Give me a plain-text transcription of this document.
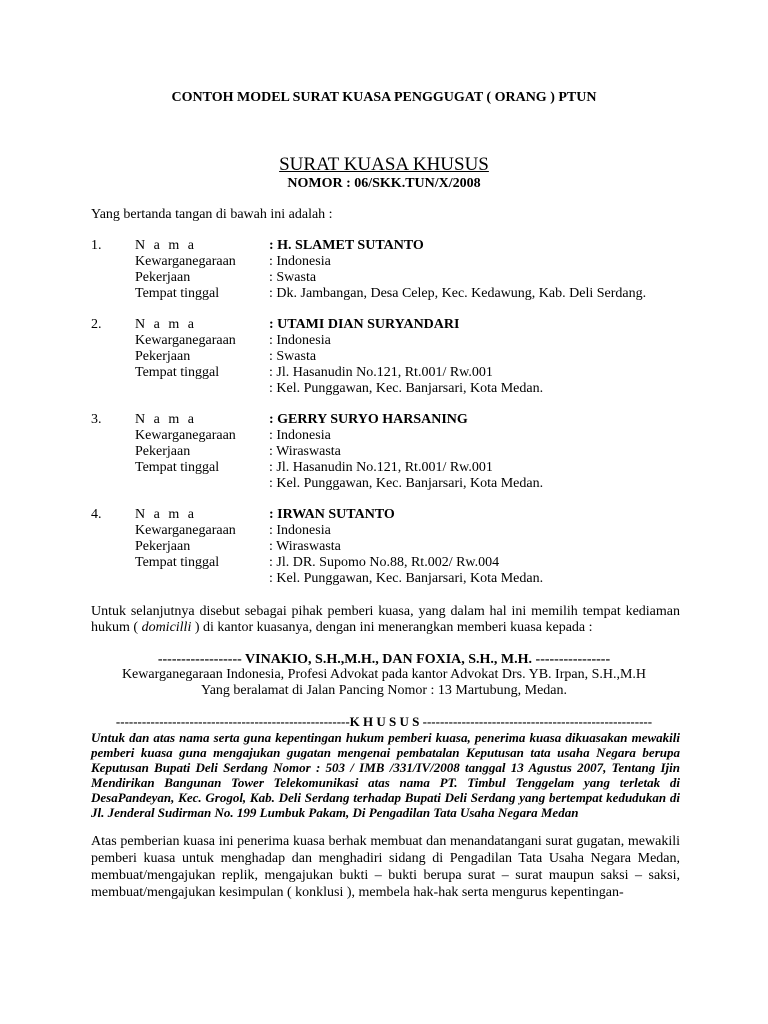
CONTOH MODEL SURAT KUASA PENGGUGAT ( ORANG ) PTUN
SURAT KUASA KHUSUS
NOMOR : 06/SKK.TUN/X/2008
Yang bertanda tangan di bawah ini adalah :
1. N a m a	: H. SLAMET SUTANTO
Kewarganegaraan : Indonesia
Pekerjaan	: Swasta
Tempat tinggal	: Dk. Jambangan, Desa Celep, Kec. Kedawung, Kab. Deli Serdang.
2. N a m a	: UTAMI DIAN SURYANDARI
Kewarganegaraan : Indonesia
Pekerjaan	: Swasta
Tempat tinggal	: Jl. Hasanudin No.121, Rt.001/ Rw.001
: Kel. Punggawan, Kec. Banjarsari, Kota Medan.
3. N a m a	: GERRY SURYO HARSANING
Kewarganegaraan : Indonesia
Pekerjaan	: Wiraswasta
Tempat tinggal	: Jl. Hasanudin No.121, Rt.001/ Rw.001
: Kel. Punggawan, Kec. Banjarsari, Kota Medan.
4. N a m a	: IRWAN SUTANTO
Kewarganegaraan : Indonesia
Pekerjaan	: Wiraswasta
Tempat tinggal	: Jl. DR. Supomo No.88, Rt.002/ Rw.004
: Kel. Punggawan, Kec. Banjarsari, Kota Medan.
Untuk selanjutnya disebut sebagai pihak pemberi kuasa, yang dalam hal ini memilih tempat kediaman hukum ( domicilli ) di kantor kuasanya, dengan ini menerangkan memberi kuasa kepada :
------------------ VINAKIO, S.H.,M.H., DAN FOXIA, S.H., M.H. ----------------
Kewarganegaraan Indonesia, Profesi Advokat pada kantor Advokat Drs. YB. Irpan, S.H.,M.H
Yang beralamat di Jalan Pancing Nomor : 13 Martubung, Medan.
------------------------------------------------------K H U S U S -----------------------------------------------------
Untuk dan atas nama serta guna kepentingan hukum pemberi kuasa, penerima kuasa dikuasakan mewakili pemberi kuasa guna mengajukan gugatan mengenai pembatalan Keputusan tata usaha Negara berupa Keputusan Bupati Deli Serdang Nomor : 503 / IMB /331/IV/2008 tanggal 13 Agustus 2007, Tentang Ijin Mendirikan Bangunan Tower Telekomunikasi atas nama PT. Timbul Tenggelam yang terletak di DesaPandeyan, Kec. Grogol, Kab. Deli Serdang terhadap Bupati Deli Serdang yang bertempat kedudukan di Jl. Jenderal Sudirman No. 199 Lumbuk Pakam, Di Pengadilan Tata Usaha Negara Medan
Atas pemberian kuasa ini penerima kuasa berhak membuat dan menandatangani surat gugatan, mewakili pemberi kuasa untuk menghadap dan menghadiri sidang di Pengadilan Tata Usaha Negara Medan, membuat/mengajukan replik, mengajukan bukti – bukti berupa surat – surat maupun saksi – saksi, membuat/mengajukan kesimpulan ( konklusi ), membela hak-hak serta mengurus kepentingan-
